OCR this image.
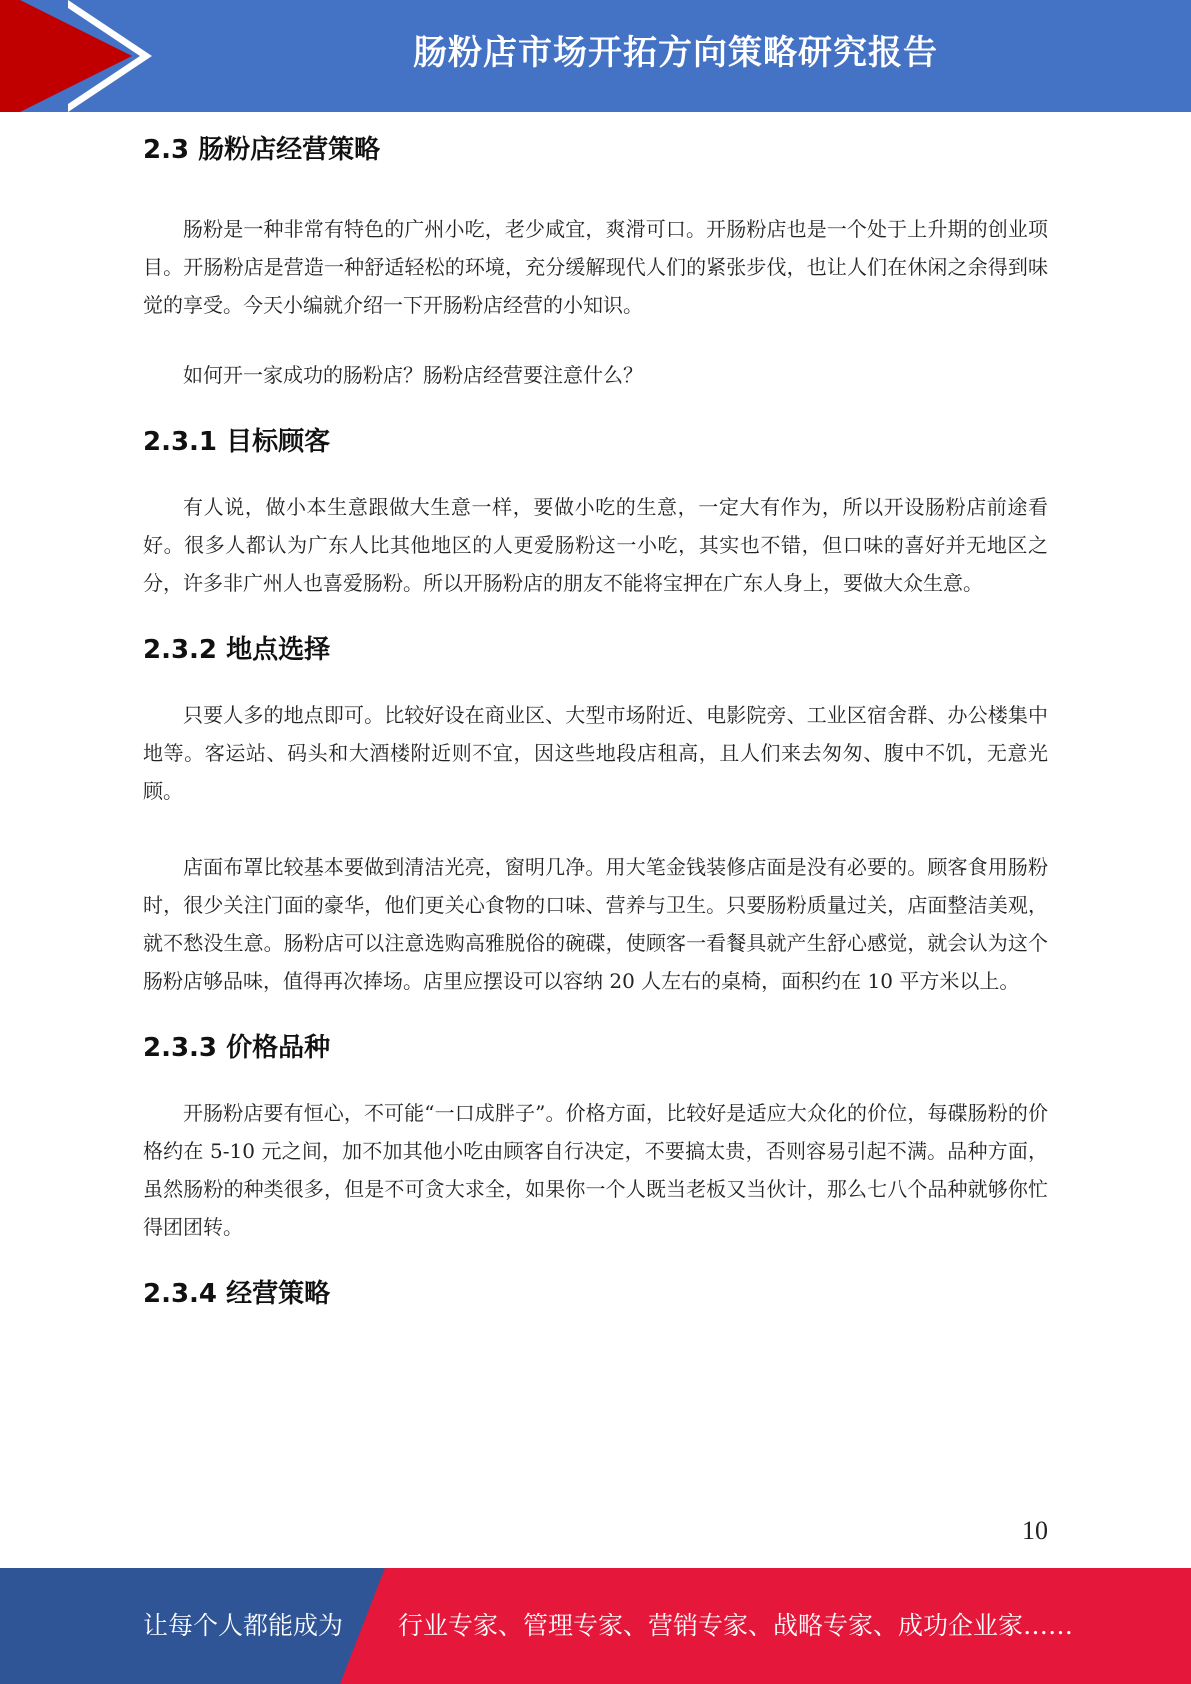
肠粉店市场开拓方向策略研究报告
2.3 肠粉店经营策略

肠粉是一种非常有特色的广州小吃，老少咸宜，爽滑可口。开肠粉店也是一个处于上升期的创业项目。开肠粉店是营造一种舒适轻松的环境，充分缓解现代人们的紧张步伐，也让人们在休闲之余得到味觉的享受。今天小编就介绍一下开肠粉店经营的小知识。

如何开一家成功的肠粉店？肠粉店经营要注意什么？

2.3.1 目标顾客

有人说，做小本生意跟做大生意一样，要做小吃的生意，一定大有作为，所以开设肠粉店前途看好。很多人都认为广东人比其他地区的人更爱肠粉这一小吃，其实也不错，但口味的喜好并无地区之分，许多非广州人也喜爱肠粉。所以开肠粉店的朋友不能将宝押在广东人身上，要做大众生意。

2.3.2 地点选择

只要人多的地点即可。比较好设在商业区、大型市场附近、电影院旁、工业区宿舍群、办公楼集中地等。客运站、码头和大酒楼附近则不宜，因这些地段店租高，且人们来去匆匆、腹中不饥，无意光顾。

店面布罩比较基本要做到清洁光亮，窗明几净。用大笔金钱装修店面是没有必要的。顾客食用肠粉时，很少关注门面的豪华，他们更关心食物的口味、营养与卫生。只要肠粉质量过关，店面整洁美观，就不愁没生意。肠粉店可以注意选购高雅脱俗的碗碟，使顾客一看餐具就产生舒心感觉，就会认为这个肠粉店够品味，值得再次捧场。店里应摆设可以容纳 20 人左右的桌椅，面积约在 10 平方米以上。

2.3.3 价格品种

开肠粉店要有恒心，不可能“一口成胖子”。价格方面，比较好是适应大众化的价位，每碟肠粉的价格约在 5-10 元之间，加不加其他小吃由顾客自行决定，不要搞太贵，否则容易引起不满。品种方面，虽然肠粉的种类很多，但是不可贪大求全，如果你一个人既当老板又当伙计，那么七八个品种就够你忙得团团转。

2.3.4 经营策略
10
让每个人都能成为 行业专家、管理专家、营销专家、战略专家、成功企业家……
